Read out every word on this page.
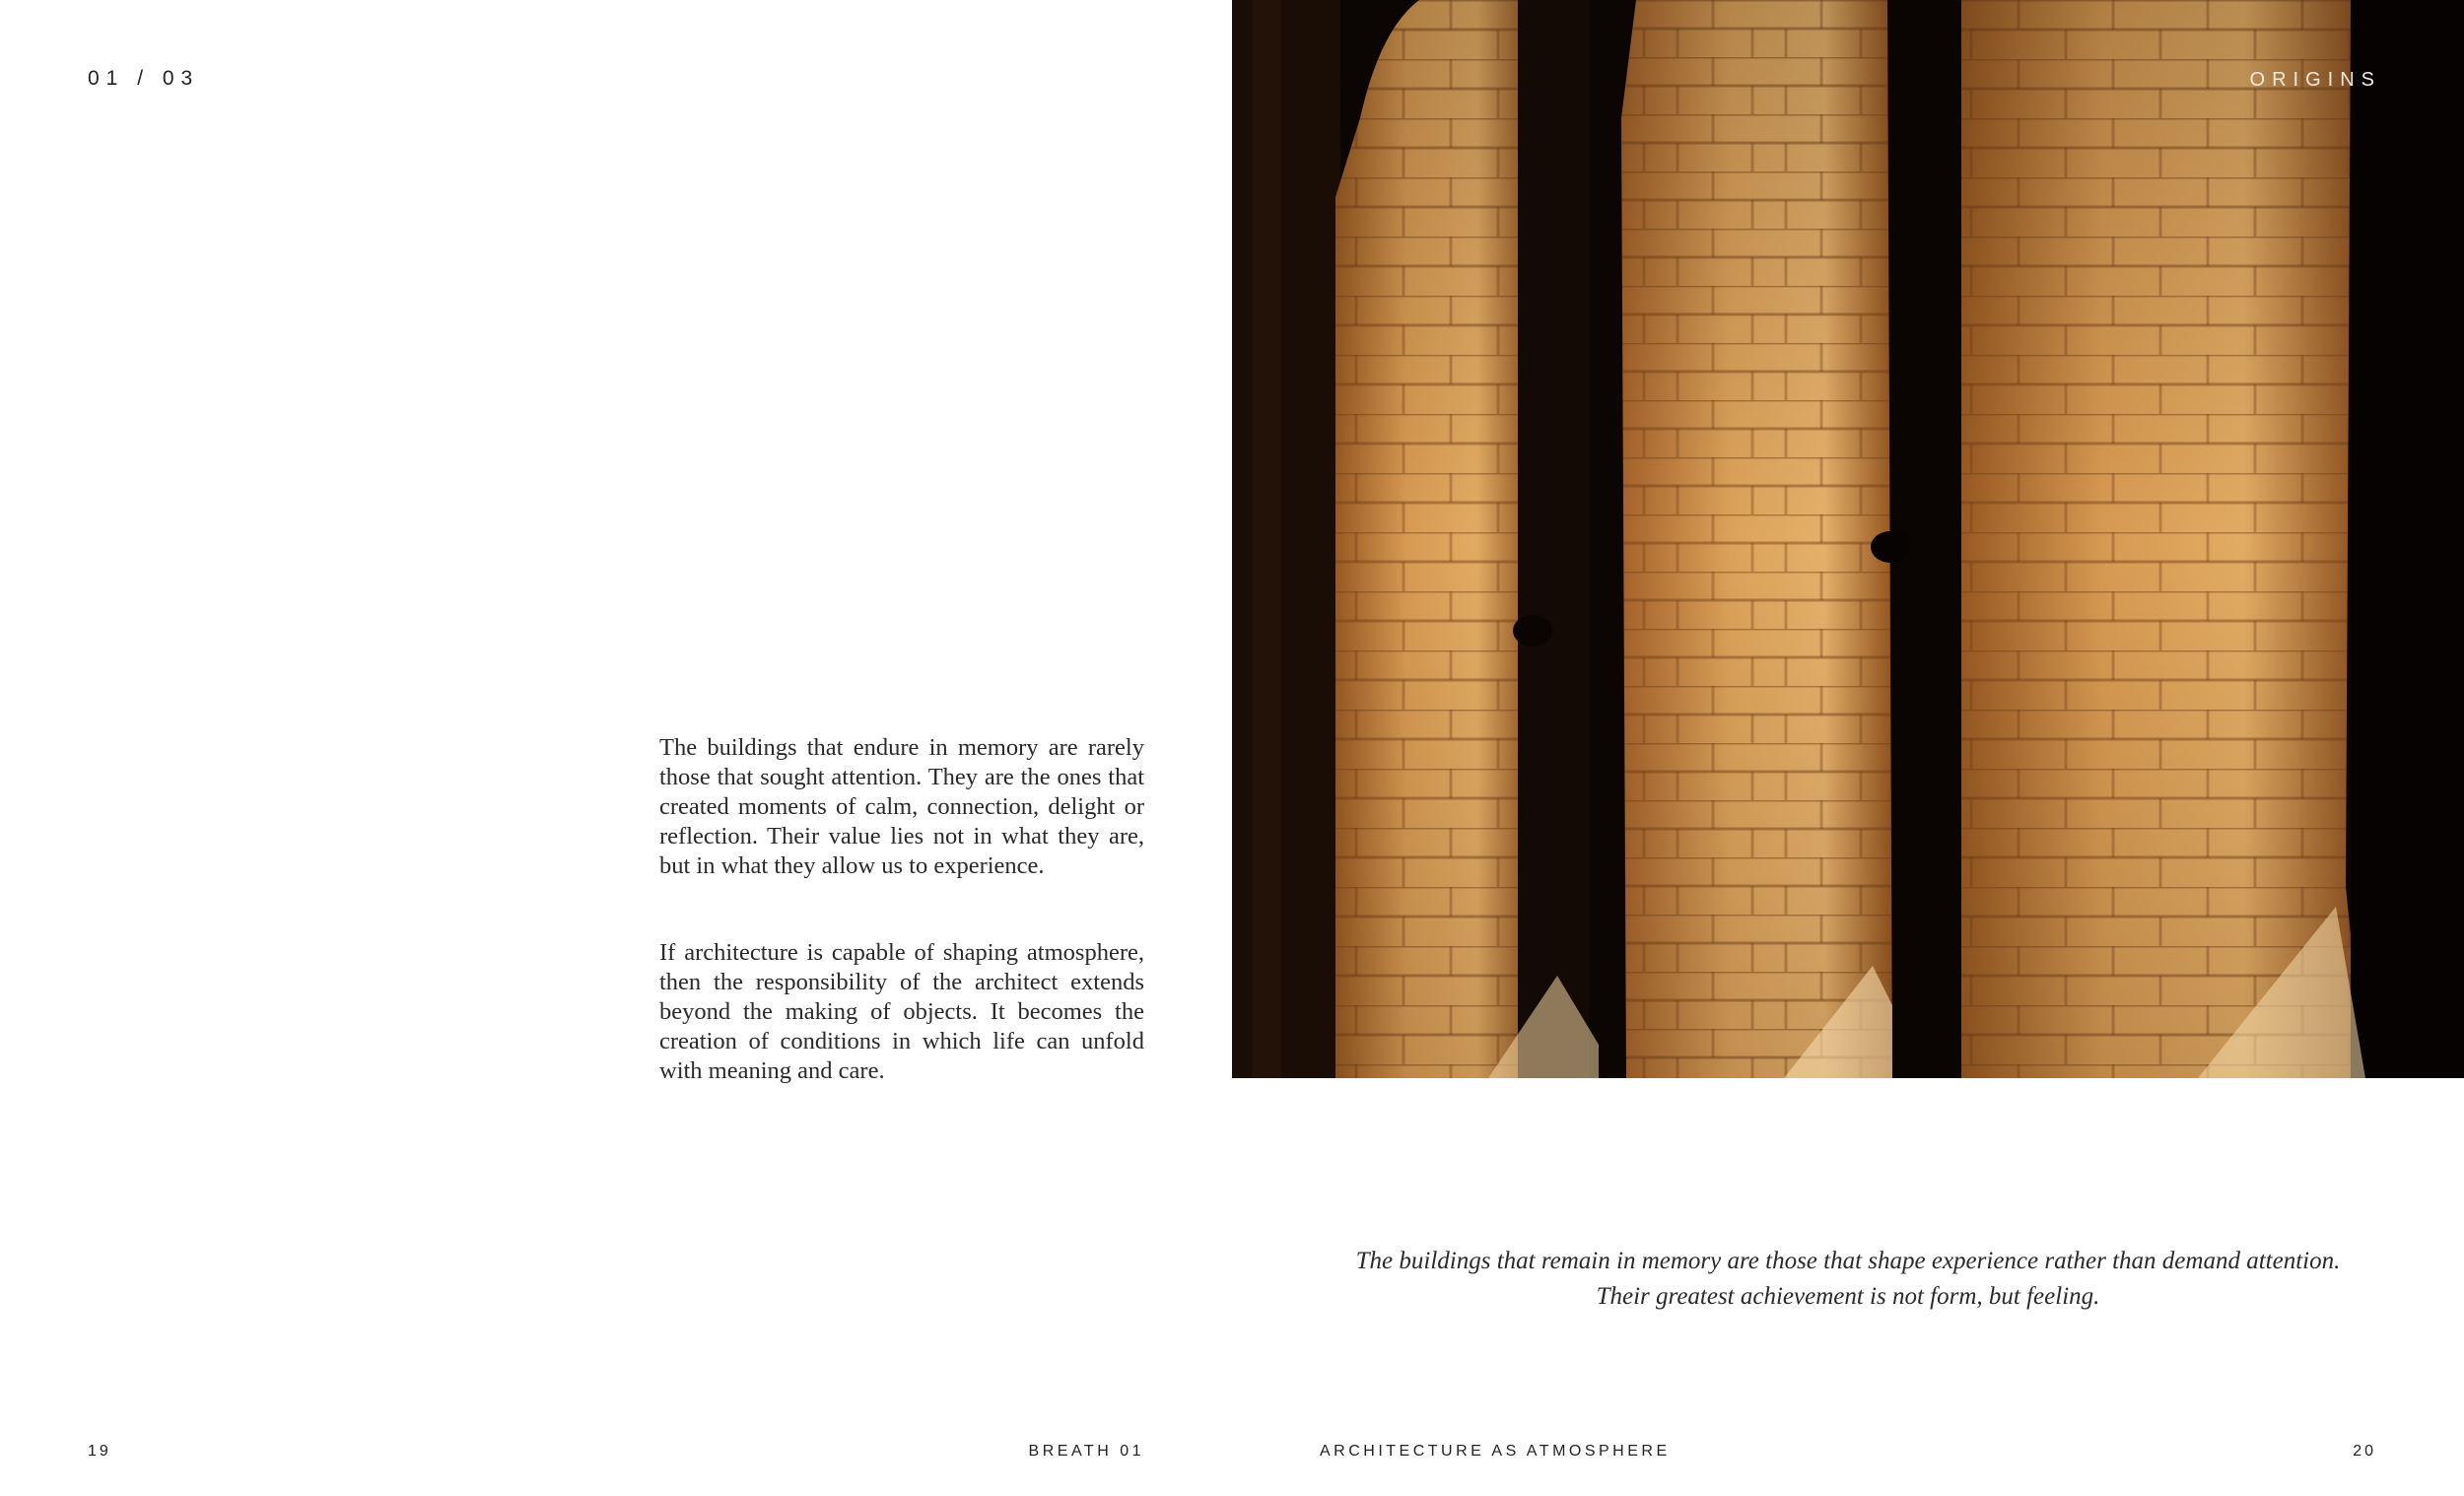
01 / 03

The buildings that endure in memory are rarely those that sought attention. They are the ones that created moments of calm, connection, delight or reflection. Their value lies not in what they are, but in what they allow us to experience.

If architecture is capable of shaping atmosphere, then the responsibility of the architect extends beyond the making of objects. It becomes the creation of conditions in which life can unfold with meaning and care.

19	BREATH 01
ORIGINS
The buildings that remain in memory are those that shape experience rather than demand attention.
Their greatest achievement is not form, but feeling.
ARCHITECTURE AS ATMOSPHERE	20
